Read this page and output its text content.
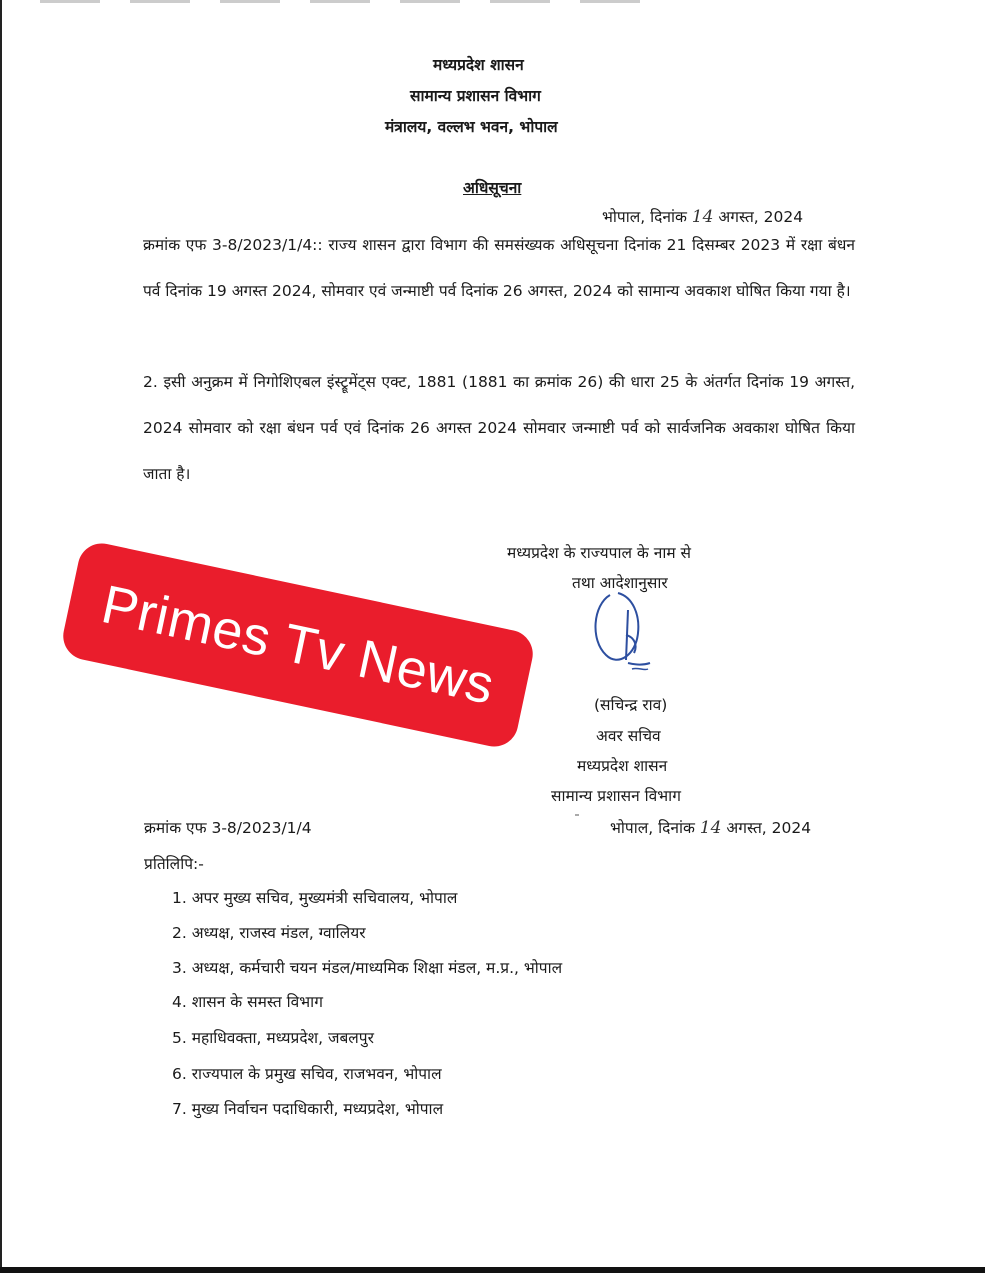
मध्यप्रदेश शासन
सामान्य प्रशासन विभाग
मंत्रालय, वल्लभ भवन, भोपाल
अधिसूचना
भोपाल, दिनांक 14 अगस्त, 2024
क्रमांक एफ 3-8/2023/1/4:: राज्य शासन द्वारा विभाग की समसंख्यक अधिसूचना दिनांक 21 दिसम्बर 2023 में रक्षा बंधन पर्व दिनांक 19 अगस्त 2024, सोमवार एवं जन्माष्टी पर्व दिनांक 26 अगस्त, 2024 को सामान्य अवकाश घोषित किया गया है।
2. इसी अनुक्रम में निगोशिएबल इंस्ट्रूमेंट्स एक्ट, 1881 (1881 का क्रमांक 26) की धारा 25 के अंतर्गत दिनांक 19 अगस्त, 2024 सोमवार को रक्षा बंधन पर्व एवं दिनांक 26 अगस्त 2024 सोमवार जन्माष्टी पर्व को सार्वजनिक अवकाश घोषित किया जाता है।
मध्यप्रदेश के राज्यपाल के नाम से
तथा आदेशानुसार
(सचिन्द्र राव)
अवर सचिव
मध्यप्रदेश शासन
सामान्य प्रशासन विभाग
Primes Tv News
क्रमांक एफ 3-8/2023/1/4	भोपाल, दिनांक 14 अगस्त, 2024
प्रतिलिपि:-
1. अपर मुख्य सचिव, मुख्यमंत्री सचिवालय, भोपाल
2. अध्यक्ष, राजस्व मंडल, ग्वालियर
3. अध्यक्ष, कर्मचारी चयन मंडल/माध्यमिक शिक्षा मंडल, म.प्र., भोपाल
4. शासन के समस्त विभाग
5. महाधिवक्ता, मध्यप्रदेश, जबलपुर
6. राज्यपाल के प्रमुख सचिव, राजभवन, भोपाल
7. मुख्य निर्वाचन पदाधिकारी, मध्यप्रदेश, भोपाल
